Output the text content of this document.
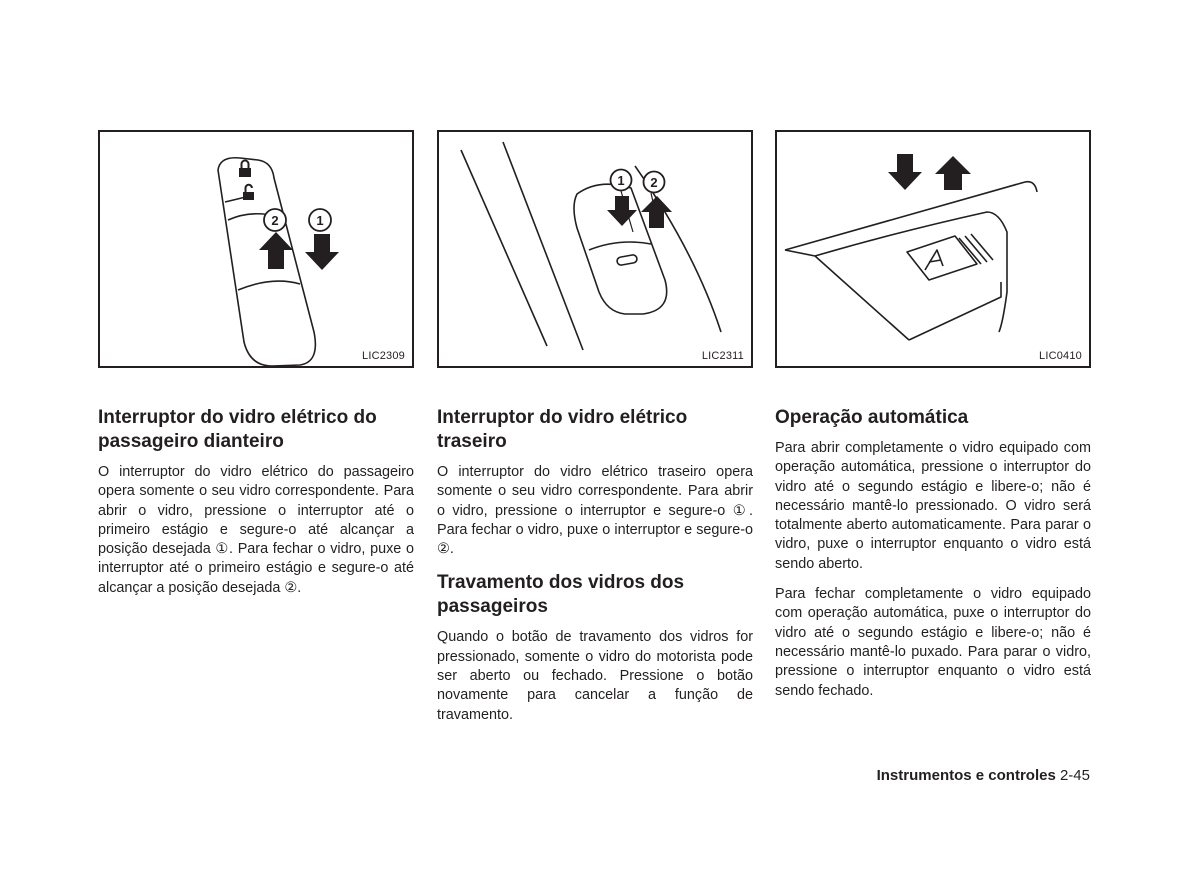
2	1
LIC2309
1 2
LIC2311
A
LIC0410
Interruptor do vidro elétrico do passageiro dianteiro

O interruptor do vidro elétrico do passageiro opera somente o seu vidro correspondente. Para abrir o vidro, pressione o interruptor até o primeiro estágio e segure-o até alcançar a posição desejada ①. Para fechar o vidro, puxe o interruptor até o primeiro estágio e segure-o até alcançar a posição desejada ②.

Interruptor do vidro elétrico traseiro

O interruptor do vidro elétrico traseiro opera somente o seu vidro correspondente. Para abrir o vidro, pressione o interruptor e segure-o ①. Para fechar o vidro, puxe o interruptor e segure-o ②.

Travamento dos vidros dos passageiros

Quando o botão de travamento dos vidros for pressionado, somente o vidro do motorista pode ser aberto ou fechado. Pressione o botão novamente para cancelar a função de travamento.

Operação automática

Para abrir completamente o vidro equipado com operação automática, pressione o interruptor do vidro até o segundo estágio e libere-o; não é necessário mantê-lo pressionado. O vidro será totalmente aberto automaticamente. Para parar o vidro, puxe o interruptor enquanto o vidro está sendo aberto.

Para fechar completamente o vidro equipado com operação automática, puxe o interruptor do vidro até o segundo estágio e libere-o; não é necessário mantê-lo puxado. Para parar o vidro, pressione o interruptor enquanto o vidro está sendo fechado.

Instrumentos e controles 2-45
